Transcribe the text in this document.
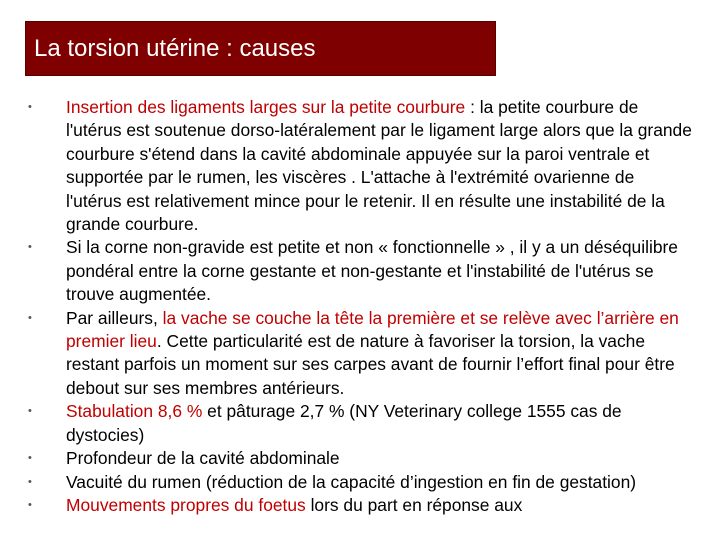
La torsion utérine : causes
•	Insertion des ligaments larges sur la petite courbure : la petite courbure de l'utérus est soutenue dorso-latéralement par le ligament large alors que la grande courbure s'étend dans la cavité abdominale appuyée sur la paroi ventrale et supportée par le rumen, les viscères . L'attache à l'extrémité ovarienne de l'utérus est relativement mince pour le retenir. Il en résulte une instabilité de la grande courbure.
•	Si la corne non-gravide est petite et non « fonctionnelle » , il y a un déséquilibre pondéral entre la corne gestante et non-gestante et l'instabilité de l'utérus se trouve augmentée.
•	Par ailleurs, la vache se couche la tête la première et se relève avec l’arrière en premier lieu. Cette particularité est de nature à favoriser la torsion, la vache restant parfois un moment sur ses carpes avant de fournir l’effort final pour être debout sur ses membres antérieurs.
•	Stabulation 8,6 % et pâturage 2,7 % (NY Veterinary college 1555 cas de dystocies)
•	Profondeur de la cavité abdominale
•	Vacuité du rumen (réduction de la capacité d’ingestion en fin de gestation)
•	Mouvements propres du foetus lors du part en réponse aux
